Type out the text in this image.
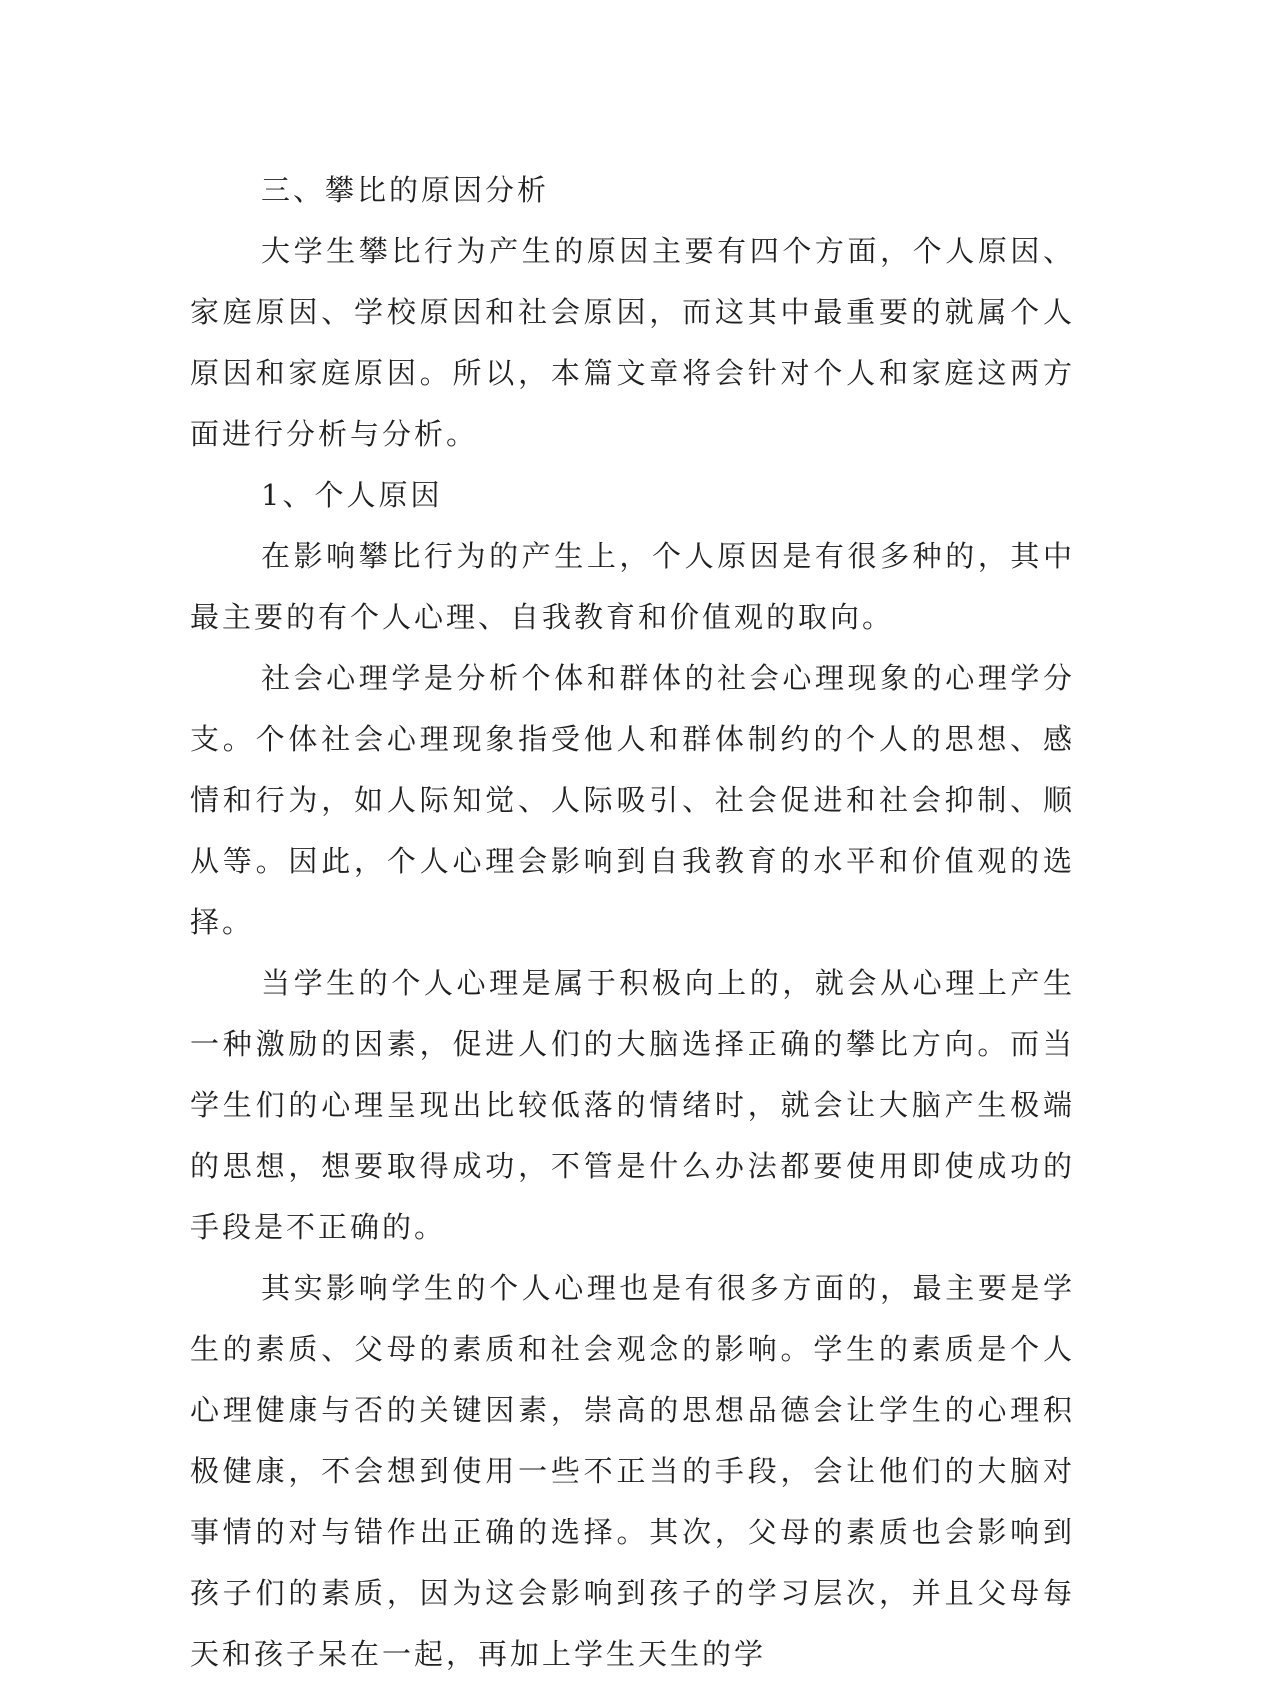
三、攀比的原因分析

大学生攀比行为产生的原因主要有四个方面，个人原因、家庭原因、学校原因和社会原因，而这其中最重要的就属个人原因和家庭原因。所以，本篇文章将会针对个人和家庭这两方面进行分析与分析。

1、个人原因

在影响攀比行为的产生上，个人原因是有很多种的，其中最主要的有个人心理、自我教育和价值观的取向。

社会心理学是分析个体和群体的社会心理现象的心理学分支。个体社会心理现象指受他人和群体制约的个人的思想、感情和行为，如人际知觉、人际吸引、社会促进和社会抑制、顺从等。因此，个人心理会影响到自我教育的水平和价值观的选择。

当学生的个人心理是属于积极向上的，就会从心理上产生一种激励的因素，促进人们的大脑选择正确的攀比方向。而当学生们的心理呈现出比较低落的情绪时，就会让大脑产生极端的思想，想要取得成功，不管是什么办法都要使用即使成功的手段是不正确的。

其实影响学生的个人心理也是有很多方面的，最主要是学生的素质、父母的素质和社会观念的影响。学生的素质是个人心理健康与否的关键因素，崇高的思想品德会让学生的心理积极健康，不会想到使用一些不正当的手段，会让他们的大脑对事情的对与错作出正确的选择。其次，父母的素质也会影响到孩子们的素质，因为这会影响到孩子的学习层次，并且父母每天和孩子呆在一起，再加上学生天生的学
